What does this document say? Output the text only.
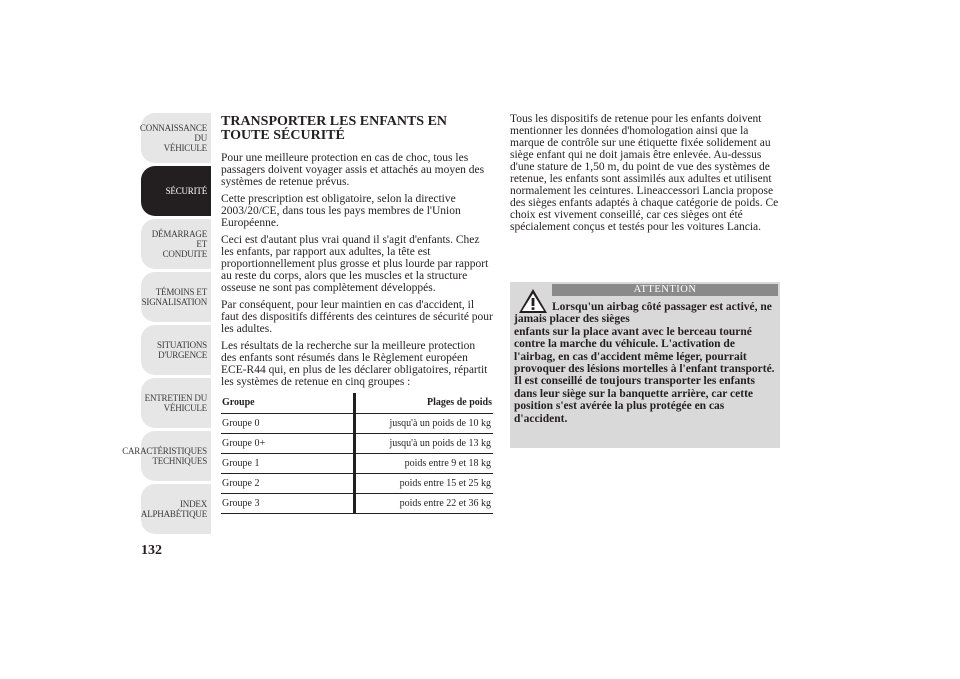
CONNAISSANCE DU
VÉHICULE
SÉCURITÉ
DÉMARRAGE ET
CONDUITE
TÉMOINS ET
SIGNALISATION
SITUATIONS
D'URGENCE
ENTRETIEN DU
VÉHICULE
CARACTÉRISTIQUES
TECHNIQUES
INDEX
ALPHABÉTIQUE
132
TRANSPORTER LES ENFANTS EN TOUTE SÉCURITÉ

Pour une meilleure protection en cas de choc, tous les passagers doivent voyager assis et attachés au moyen des systèmes de retenue prévus.

Cette prescription est obligatoire, selon la directive 2003/20/CE, dans tous les pays membres de l'Union Européenne.

Ceci est d'autant plus vrai quand il s'agit d'enfants. Chez les enfants, par rapport aux adultes, la tête est proportionnellement plus grosse et plus lourde par rapport au reste du corps, alors que les muscles et la structure osseuse ne sont pas complètement développés.

Par conséquent, pour leur maintien en cas d'accident, il faut des dispositifs différents des ceintures de sécurité pour les adultes.

Les résultats de la recherche sur la meilleure protection des enfants sont résumés dans le Règlement européen ECE-R44 qui, en plus de les déclarer obligatoires, répartit les systèmes de retenue en cinq groupes :

Groupe	Plages de poids
Groupe 0	jusqu'à un poids de 10 kg
Groupe 0+	jusqu'à un poids de 13 kg
Groupe 1	poids entre 9 et 18 kg
Groupe 2	poids entre 15 et 25 kg
Groupe 3	poids entre 22 et 36 kg

Tous les dispositifs de retenue pour les enfants doivent mentionner les données d'homologation ainsi que la marque de contrôle sur une étiquette fixée solidement au siège enfant qui ne doit jamais être enlevée. Au-dessus d'une stature de 1,50 m, du point de vue des systèmes de retenue, les enfants sont assimilés aux adultes et utilisent normalement les ceintures. Lineaccessori Lancia propose des sièges enfants adaptés à chaque catégorie de poids. Ce choix est vivement conseillé, car ces sièges ont été spécialement conçus et testés pour les voitures Lancia.

ATTENTION
Lorsqu'un airbag côté passager est activé, ne jamais placer des sièges
enfants sur la place avant avec le berceau tourné contre la marche du véhicule. L'activation de l'airbag, en cas d'accident même léger, pourrait provoquer des lésions mortelles à l'enfant transporté. Il est conseillé de toujours transporter les enfants dans leur siège sur la banquette arrière, car cette position s'est avérée la plus protégée en cas d'accident.
